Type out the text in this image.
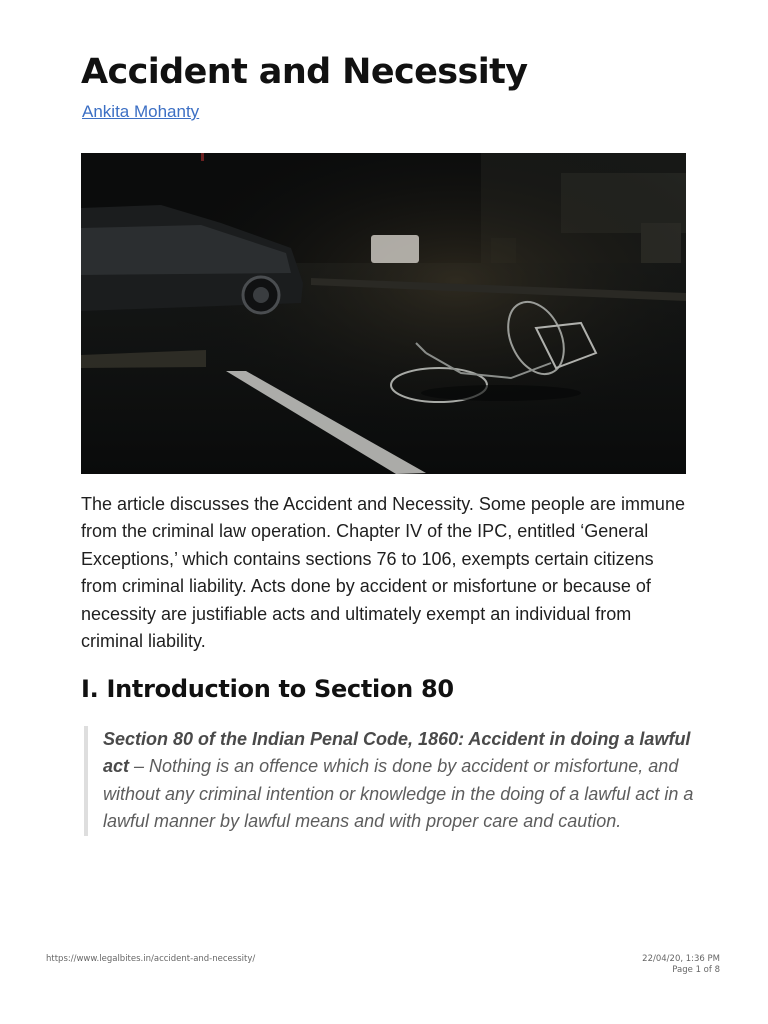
Accident and Necessity
Ankita Mohanty

The article discusses the Accident and Necessity. Some people are immune from the criminal law operation. Chapter IV of the IPC, entitled ‘General Exceptions,’ which contains sections 76 to 106, exempts certain citizens from criminal liability. Acts done by accident or misfortune or because of necessity are justifiable acts and ultimately exempt an individual from criminal liability.

I. Introduction to Section 80
Section 80 of the Indian Penal Code, 1860: Accident in doing a lawful act – Nothing is an offence which is done by accident or misfortune, and without any criminal intention or knowledge in the doing of a lawful act in a lawful manner by lawful means and with proper care and caution.
https://www.legalbites.in/accident-and-necessity/	22/04/20, 1:36 PM
Page 1 of 8
